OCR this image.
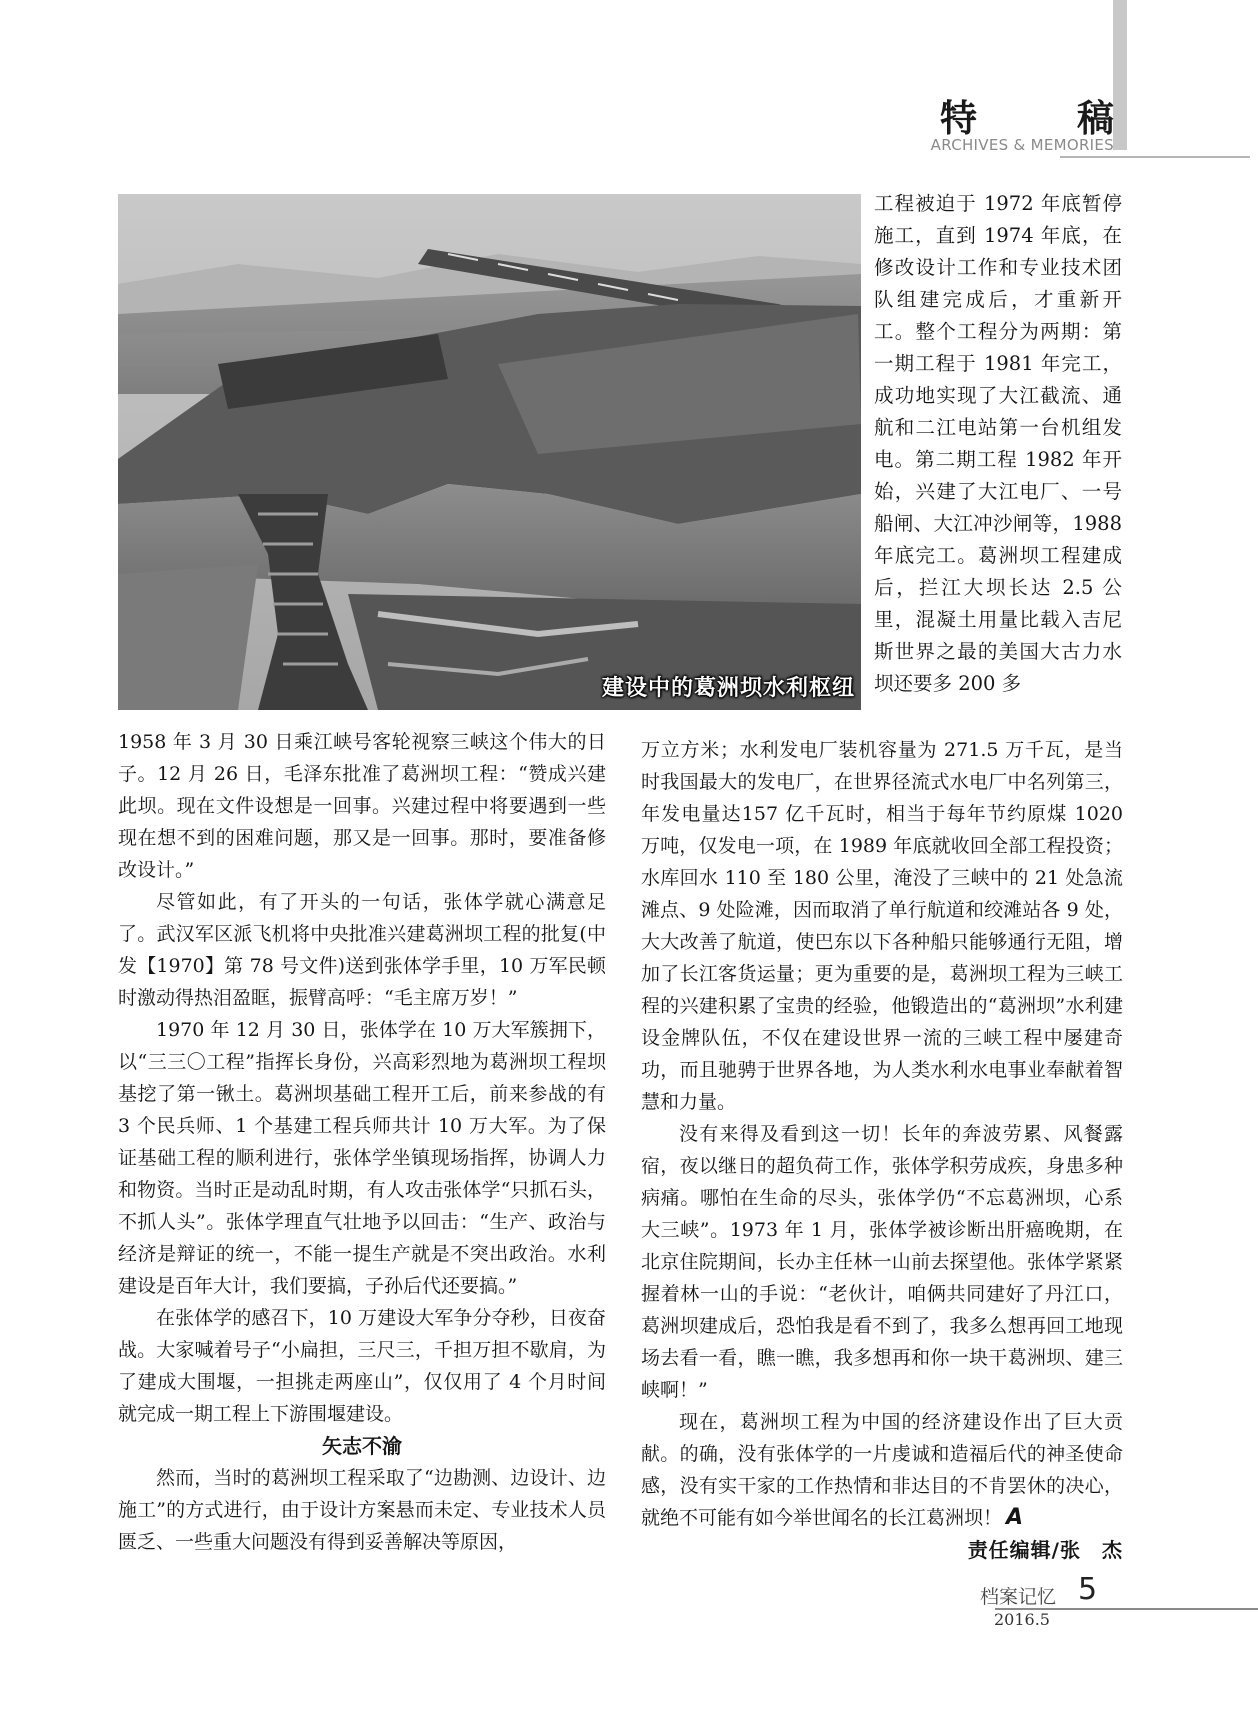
特	稿
ARCHIVES & MEMORIES
建设中的葛洲坝水利枢纽

工程被迫于 1972 年底暂停施工，直到 1974 年底，在修改设计工作和专业技术团队组建完成后，才重新开工。整个工程分为两期：第一期工程于 1981 年完工，成功地实现了大江截流、通航和二江电站第一台机组发电。第二期工程 1982 年开始，兴建了大江电厂、一号船闸、大江冲沙闸等，1988 年底完工。葛洲坝工程建成后，拦江大坝长达 2.5 公里，混凝土用量比载入吉尼斯世界之最的美国大古力水坝还要多 200 多

1958 年 3 月 30 日乘江峡号客轮视察三峡这个伟大的日子。12 月 26 日，毛泽东批准了葛洲坝工程：“赞成兴建此坝。现在文件设想是一回事。兴建过程中将要遇到一些现在想不到的困难问题，那又是一回事。那时，要准备修改设计。”

尽管如此，有了开头的一句话，张体学就心满意足了。武汉军区派飞机将中央批准兴建葛洲坝工程的批复(中发【1970】第 78 号文件)送到张体学手里，10 万军民顿时激动得热泪盈眶，振臂高呼：“毛主席万岁！”

1970 年 12 月 30 日，张体学在 10 万大军簇拥下，以“三三〇工程”指挥长身份，兴高彩烈地为葛洲坝工程坝基挖了第一锹土。葛洲坝基础工程开工后，前来参战的有 3 个民兵师、1 个基建工程兵师共计 10 万大军。为了保证基础工程的顺利进行，张体学坐镇现场指挥，协调人力和物资。当时正是动乱时期，有人攻击张体学“只抓石头，不抓人头”。张体学理直气壮地予以回击：“生产、政治与经济是辩证的统一，不能一提生产就是不突出政治。水利建设是百年大计，我们要搞，子孙后代还要搞。”

在张体学的感召下，10 万建设大军争分夺秒，日夜奋战。大家喊着号子“小扁担，三尺三，千担万担不歇肩，为了建成大围堰，一担挑走两座山”，仅仅用了 4 个月时间就完成一期工程上下游围堰建设。

矢志不渝

然而，当时的葛洲坝工程采取了“边勘测、边设计、边施工”的方式进行，由于设计方案悬而未定、专业技术人员匮乏、一些重大问题没有得到妥善解决等原因，

万立方米；水利发电厂装机容量为 271.5 万千瓦，是当时我国最大的发电厂，在世界径流式水电厂中名列第三，年发电量达157 亿千瓦时，相当于每年节约原煤 1020 万吨，仅发电一项，在 1989 年底就收回全部工程投资；水库回水 110 至 180 公里，淹没了三峡中的 21 处急流滩点、9 处险滩，因而取消了单行航道和绞滩站各 9 处，大大改善了航道，使巴东以下各种船只能够通行无阻，增加了长江客货运量；更为重要的是，葛洲坝工程为三峡工程的兴建积累了宝贵的经验，他锻造出的“葛洲坝”水利建设金牌队伍，不仅在建设世界一流的三峡工程中屡建奇功，而且驰骋于世界各地，为人类水利水电事业奉献着智慧和力量。

没有来得及看到这一切！长年的奔波劳累、风餐露宿，夜以继日的超负荷工作，张体学积劳成疾，身患多种病痛。哪怕在生命的尽头，张体学仍“不忘葛洲坝，心系大三峡”。1973 年 1 月，张体学被诊断出肝癌晚期，在北京住院期间，长办主任林一山前去探望他。张体学紧紧握着林一山的手说：“老伙计，咱俩共同建好了丹江口，葛洲坝建成后，恐怕我是看不到了，我多么想再回工地现场去看一看，瞧一瞧，我多想再和你一块干葛洲坝、建三峡啊！”

现在，葛洲坝工程为中国的经济建设作出了巨大贡献。的确，没有张体学的一片虔诚和造福后代的神圣使命感，没有实干家的工作热情和非达目的不肯罢休的决心，就绝不可能有如今举世闻名的长江葛洲坝！ A

责任编辑/张　杰

档案记忆 5
2016.5
